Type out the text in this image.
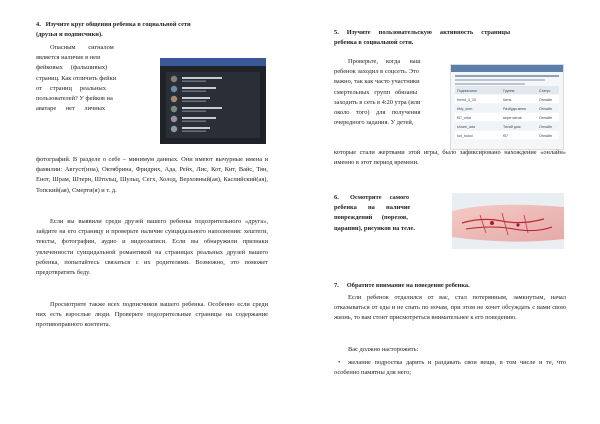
4.   Изучите круг общения ребенка в социальной сети
(друзья и подписчики).
Опасным        сигналом
является наличие в нем
фейковых     (фальшивых)
страниц. Как отличить фейки
от     страниц     реальных
пользователей? У фейков на
аватаре      нет      личных
фотографий. В разделе о себе – минимум данных. Они имеют вычурные имена и фамилии: Август(ина), Октябрина, Фридрих, Ада, Рейх, Лис, Кот, Кит, Вайс, Тян, Енот, Шрам, Штерн, Штольц, Шульц, Сегх, Холод, Верховный(ая), Каспийский(ая), Топский(ая), Смерти(я) и т. д.
Если вы выявили среди друзей вашего ребенка подозрительного «друга», зайдите на его страницу и проверьте наличие суицидального наполнения: хештеги, тексты, фотографии, аудио и видеозаписи. Если вы обнаружили признаки увлеченности суицидальной романтикой на страницах реальных друзей вашего ребенка, попытайтесь связаться с их родителями. Возможно, это поможет предотвратить беду.
Просмотрите также всех подписчиков вашего ребенка. Особенно если среди них есть взрослые люди. Проверьте подозрительные страницы на содержание противоправного контента.
5.     Изучите     пользовательскую     активность     страницы
ребенка в социальной сети.
Проверьте,     когда      ваш
ребенок заходил в соцсеть. Это
важно, так как часто участники
смертельных   групп   обязаны
заходить в сеть в 4:20 утра (или
около    того)    для    получения
очередного задания. У детей,
Подписчики	Группа	Статус
friend_4_20	Киты	Онлайн
tihiy_dom	Разбуди меня	Онлайн
f57_orka	море китов	Онлайн
shram_ada	Тихий дом	Онлайн
kot_holod	f57	Онлайн
которые стали жертвами этой игры, было зафиксировано нахождение «онлайн» именно в этот период времени.
6.       Осмотрите     самого
ребенка       на       наличие
повреждений      (порезов,
царапин), рисунков на теле.
7.     Обратите внимание на поведение ребенка.
Если ребенок отдалился от вас, стал потерянным, замкнутым, начал отказываться от еды и не спать по ночам, при этом не хочет обсуждать с вами свою жизнь, то вам стоит присмотреться внимательнее к его поведению.
Вас должно насторожить:
•	желание подростка дарить и раздавать свои вещи, в том числе и те, что особенно памятны для него;
